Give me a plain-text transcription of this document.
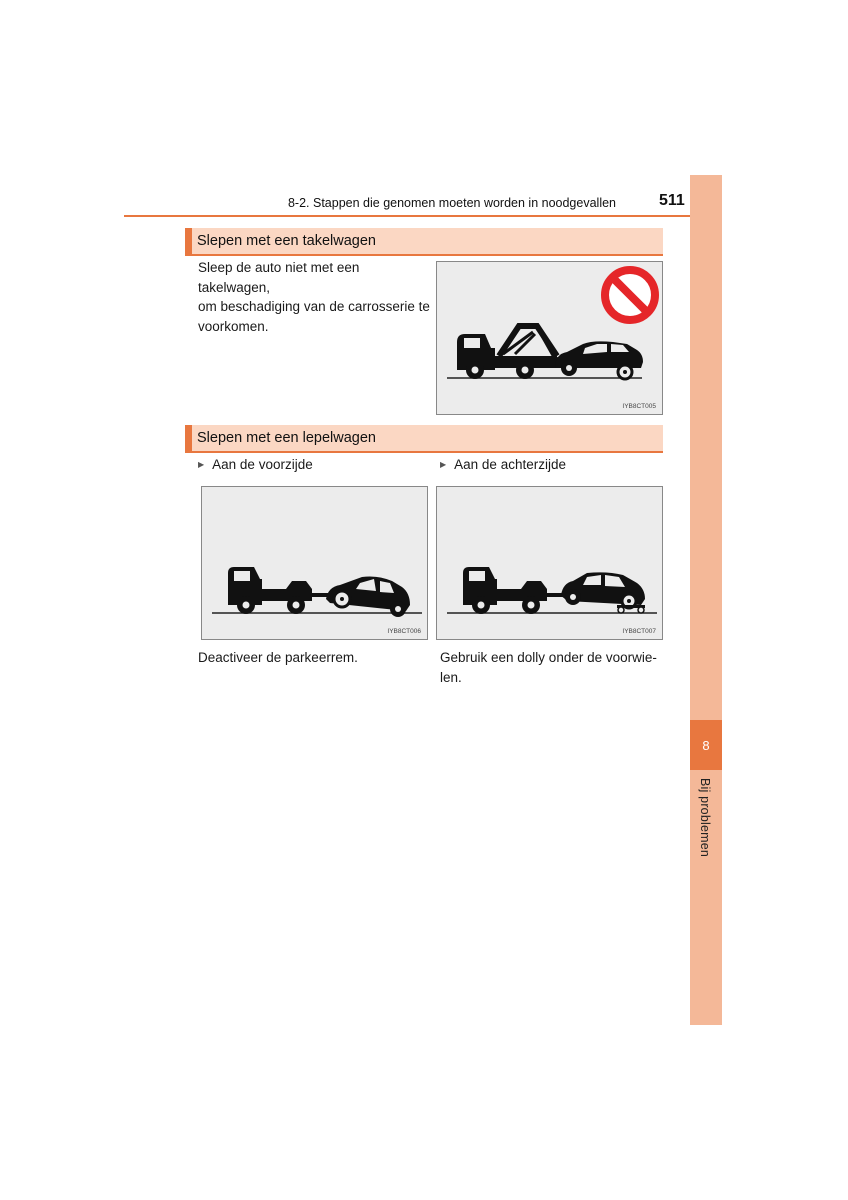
8
Bij problemen
8-2. Stappen die genomen moeten worden in noodgevallen	511
Slepen met een takelwagen
Sleep de auto niet met een takelwagen,
om beschadiging van de carrosserie te
voorkomen.
IYB8CT005
Slepen met een lepelwagen
▶ Aan de voorzijde	▶ Aan de achterzijde
IYB8CT006	IYB8CT007
Deactiveer de parkeerrem.	Gebruik een dolly onder de voorwie-
len.
